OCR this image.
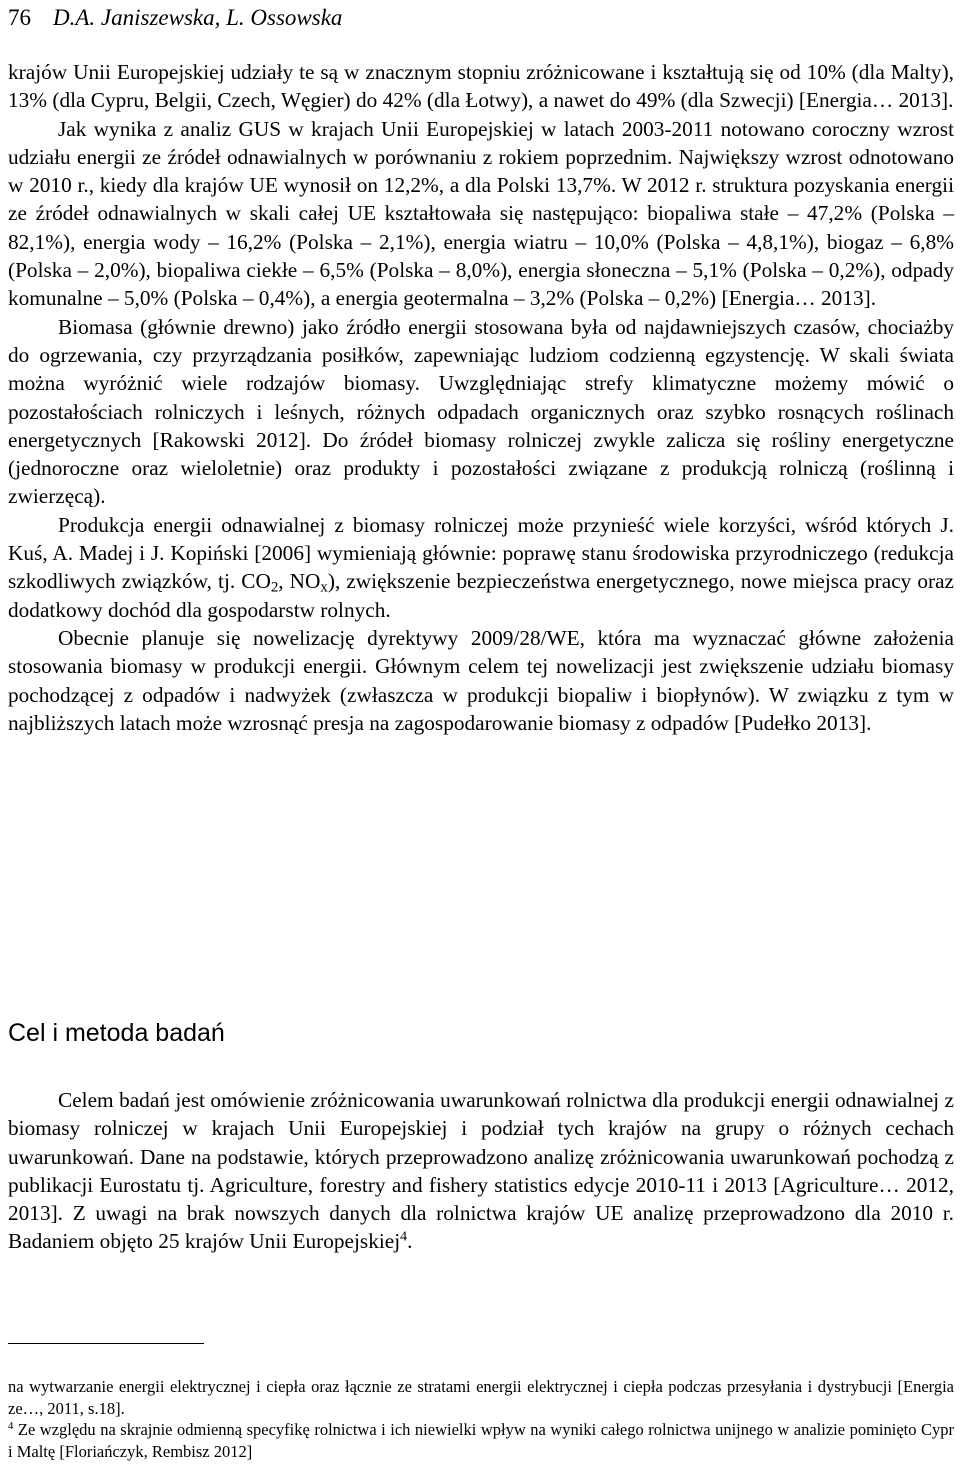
76 D.A. Janiszewska, L. Ossowska

krajów Unii Europejskiej udziały te są w znacznym stopniu zróżnicowane i kształtują się od 10% (dla Malty), 13% (dla Cypru, Belgii, Czech, Węgier) do 42% (dla Łotwy), a nawet do 49% (dla Szwecji) [Energia… 2013].

Jak wynika z analiz GUS w krajach Unii Europejskiej w latach 2003-2011 notowano coroczny wzrost udziału energii ze źródeł odnawialnych w porównaniu z rokiem poprzednim. Największy wzrost odnotowano w 2010 r., kiedy dla krajów UE wynosił on 12,2%, a dla Polski 13,7%. W 2012 r. struktura pozyskania energii ze źródeł odnawialnych w skali całej UE kształtowała się następująco: biopaliwa stałe – 47,2% (Polska – 82,1%), energia wody – 16,2% (Polska – 2,1%), energia wiatru – 10,0% (Polska – 4,8,1%), biogaz – 6,8% (Polska – 2,0%), biopaliwa ciekłe – 6,5% (Polska – 8,0%), energia słoneczna – 5,1% (Polska – 0,2%), odpady komunalne – 5,0% (Polska – 0,4%), a energia geotermalna – 3,2% (Polska – 0,2%) [Energia… 2013].

Biomasa (głównie drewno) jako źródło energii stosowana była od najdawniejszych czasów, chociażby do ogrzewania, czy przyrządzania posiłków, zapewniając ludziom codzienną egzystencję. W skali świata można wyróżnić wiele rodzajów biomasy. Uwzględniając strefy klimatyczne możemy mówić o pozostałościach rolniczych i leśnych, różnych odpadach organicznych oraz szybko rosnących roślinach energetycznych [Rakowski 2012]. Do źródeł biomasy rolniczej zwykle zalicza się rośliny energetyczne (jednoroczne oraz wieloletnie) oraz produkty i pozostałości związane z produkcją rolniczą (roślinną i zwierzęcą).

Produkcja energii odnawialnej z biomasy rolniczej może przynieść wiele korzyści, wśród których J. Kuś, A. Madej i J. Kopiński [2006] wymieniają głównie: poprawę stanu środowiska przyrodniczego (redukcja szkodliwych związków, tj. $CO_2$, $NO_x$), zwiększenie bezpieczeństwa energetycznego, nowe miejsca pracy oraz dodatkowy dochód dla gospodarstw rolnych.

Obecnie planuje się nowelizację dyrektywy 2009/28/WE, która ma wyznaczać główne założenia stosowania biomasy w produkcji energii. Głównym celem tej nowelizacji jest zwiększenie udziału biomasy pochodzącej z odpadów i nadwyżek (zwłaszcza w produkcji biopaliw i biopłynów). W związku z tym w najbliższych latach może wzrosnąć presja na zagospodarowanie biomasy z odpadów [Pudełko 2013].

Cel i metoda badań

Celem badań jest omówienie zróżnicowania uwarunkowań rolnictwa dla produkcji energii odnawialnej z biomasy rolniczej w krajach Unii Europejskiej i podział tych krajów na grupy o różnych cechach uwarunkowań. Dane na podstawie, których przeprowadzono analizę zróżnicowania uwarunkowań pochodzą z publikacji Eurostatu tj. Agriculture, forestry and fishery statistics edycje 2010-11 i 2013 [Agriculture… 2012, 2013]. Z uwagi na brak nowszych danych dla rolnictwa krajów UE analizę przeprowadzono dla 2010 r. Badaniem objęto 25 krajów Unii Europejskiej$^4$.

na wytwarzanie energii elektrycznej i ciepła oraz łącznie ze stratami energii elektrycznej i ciepła podczas przesyłania i dystrybucji [Energia ze…, 2011, s.18].

$^4$ Ze względu na skrajnie odmienną specyfikę rolnictwa i ich niewielki wpływ na wyniki całego rolnictwa unijnego w analizie pominięto Cypr i Maltę [Floriańczyk, Rembisz 2012]
